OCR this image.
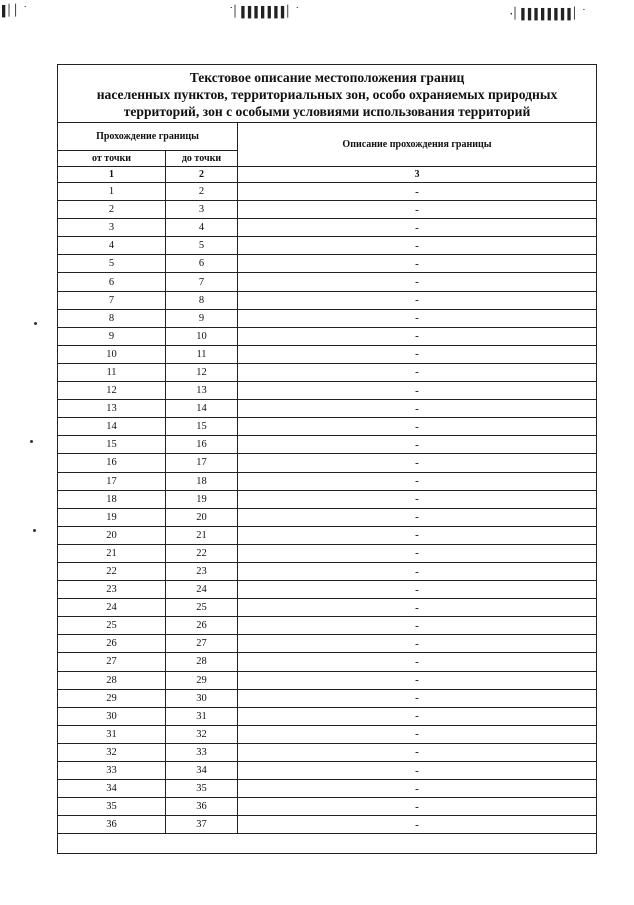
▌▏▏˙	˙▏▌▌▌▌▌▌▌▏˙	·▏▌▌▌▌▌▌▌▌▏˙
Текстовое описание местоположения границ
населенных пунктов, территориальных зон, особо охраняемых природных
территорий, зон с особыми условиями использования территорий
Прохождение границы		Описание прохождения границы
от точки	до точки	
1	2	3
1	2	-
2	3	-
3	4	-
4	5	-
5	6	-
6	7	-
7	8	-
8	9	-
9	10	-
10	11	-
11	12	-
12	13	-
13	14	-
14	15	-
15	16	-
16	17	-
17	18	-
18	19	-
19	20	-
20	21	-
21	22	-
22	23	-
23	24	-
24	25	-
25	26	-
26	27	-
27	28	-
28	29	-
29	30	-
30	31	-
31	32	-
32	33	-
33	34	-
34	35	-
35	36	-
36	37	-
